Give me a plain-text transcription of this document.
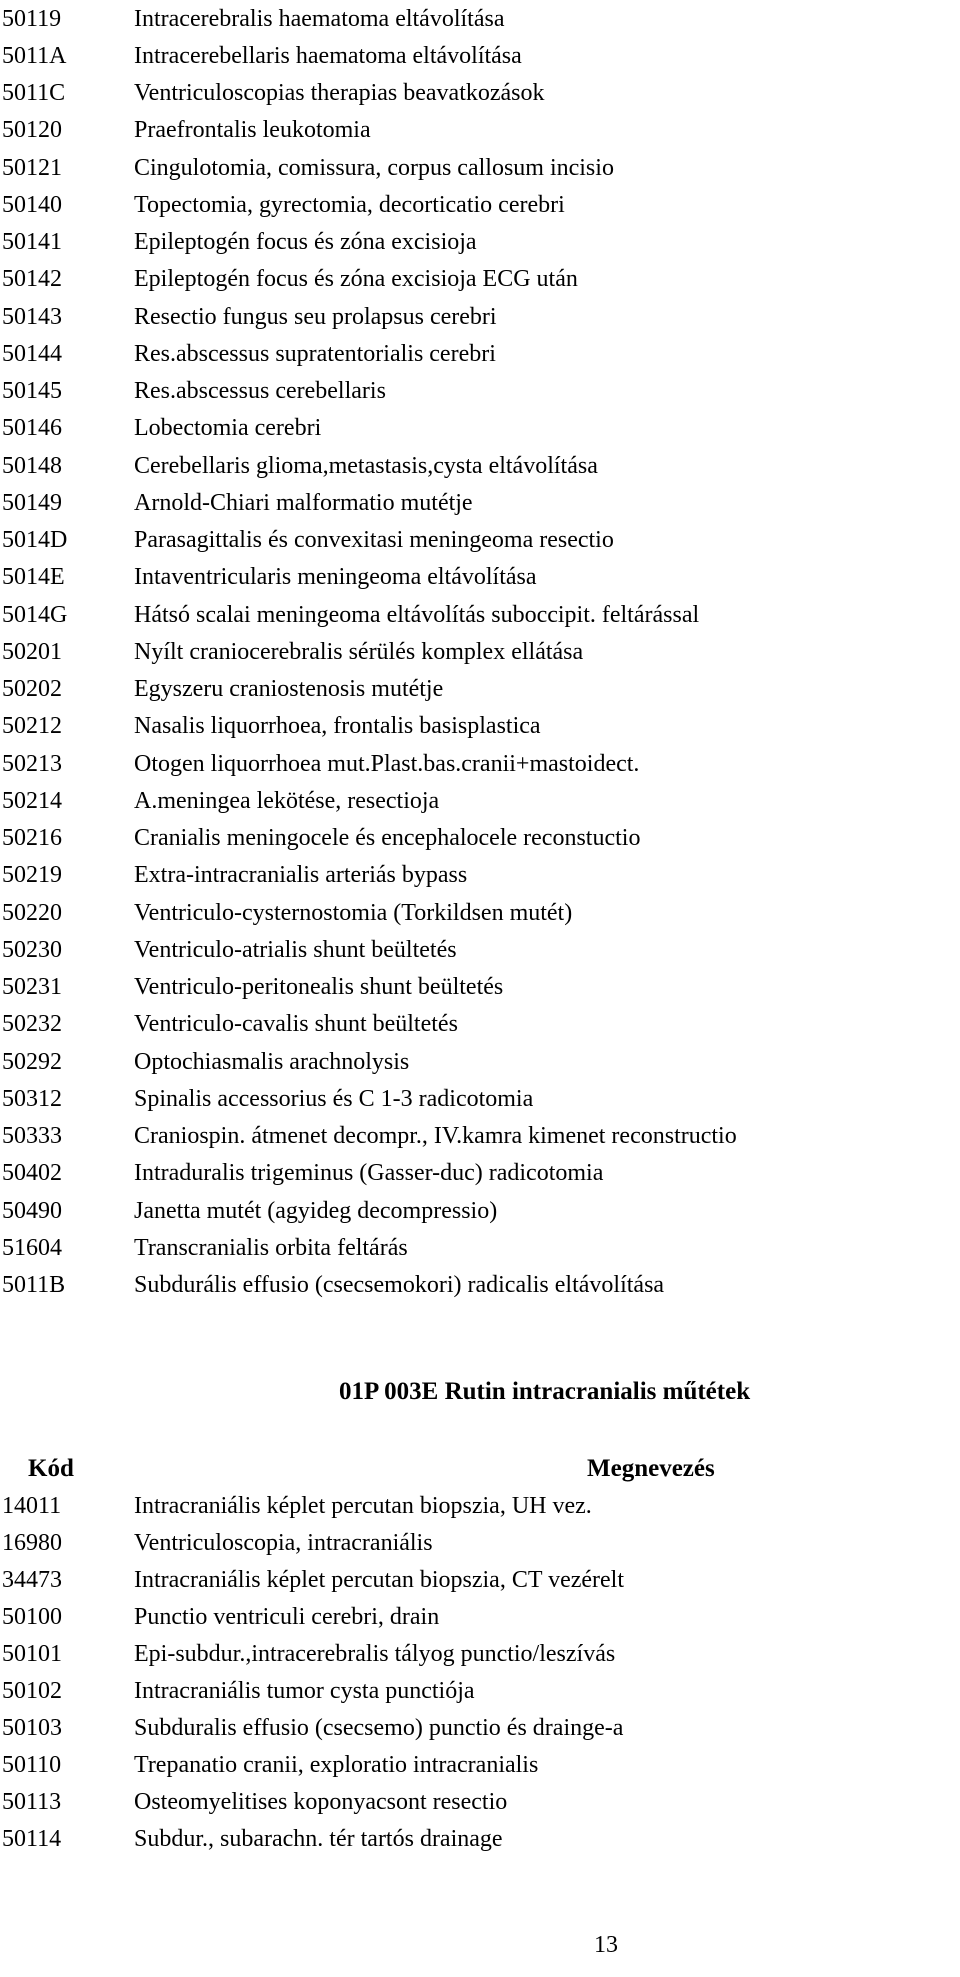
50119	Intracerebralis haematoma eltávolítása
5011A	Intracerebellaris haematoma eltávolítása
5011C	Ventriculoscopias therapias beavatkozások
50120	Praefrontalis leukotomia
50121	Cingulotomia, comissura, corpus callosum incisio
50140	Topectomia, gyrectomia, decorticatio cerebri
50141	Epileptogén focus és zóna excisioja
50142	Epileptogén focus és zóna excisioja ECG után
50143	Resectio fungus seu prolapsus cerebri
50144	Res.abscessus supratentorialis cerebri
50145	Res.abscessus cerebellaris
50146	Lobectomia cerebri
50148	Cerebellaris glioma,metastasis,cysta eltávolítása
50149	Arnold-Chiari malformatio mutétje
5014D	Parasagittalis és convexitasi meningeoma resectio
5014E	Intaventricularis meningeoma eltávolítása
5014G	Hátsó scalai meningeoma eltávolítás suboccipit. feltárással
50201	Nyílt craniocerebralis sérülés komplex ellátása
50202	Egyszeru craniostenosis mutétje
50212	Nasalis liquorrhoea, frontalis basisplastica
50213	Otogen liquorrhoea mut.Plast.bas.cranii+mastoidect.
50214	A.meningea lekötése, resectioja
50216	Cranialis meningocele és encephalocele reconstuctio
50219	Extra-intracranialis arteriás bypass
50220	Ventriculo-cysternostomia (Torkildsen mutét)
50230	Ventriculo-atrialis shunt beültetés
50231	Ventriculo-peritonealis shunt beültetés
50232	Ventriculo-cavalis shunt beültetés
50292	Optochiasmalis arachnolysis
50312	Spinalis accessorius és C 1-3 radicotomia
50333	Craniospin. átmenet decompr., IV.kamra kimenet reconstructio
50402	Intraduralis trigeminus (Gasser-duc) radicotomia
50490	Janetta mutét (agyideg decompressio)
51604	Transcranialis orbita feltárás
5011B	Subdurális effusio (csecsemokori) radicalis eltávolítása
01P 003E Rutin intracranialis műtétek
Kód	Megnevezés
14011	Intracraniális képlet percutan biopszia, UH vez.
16980	Ventriculoscopia, intracraniális
34473	Intracraniális képlet percutan biopszia, CT vezérelt
50100	Punctio ventriculi cerebri, drain
50101	Epi-subdur.,intracerebralis tályog punctio/leszívás
50102	Intracraniális tumor cysta punctiója
50103	Subduralis effusio (csecsemo) punctio és drainge-a
50110	Trepanatio cranii, exploratio intracranialis
50113	Osteomyelitises koponyacsont resectio
50114	Subdur., subarachn. tér tartós drainage
13
